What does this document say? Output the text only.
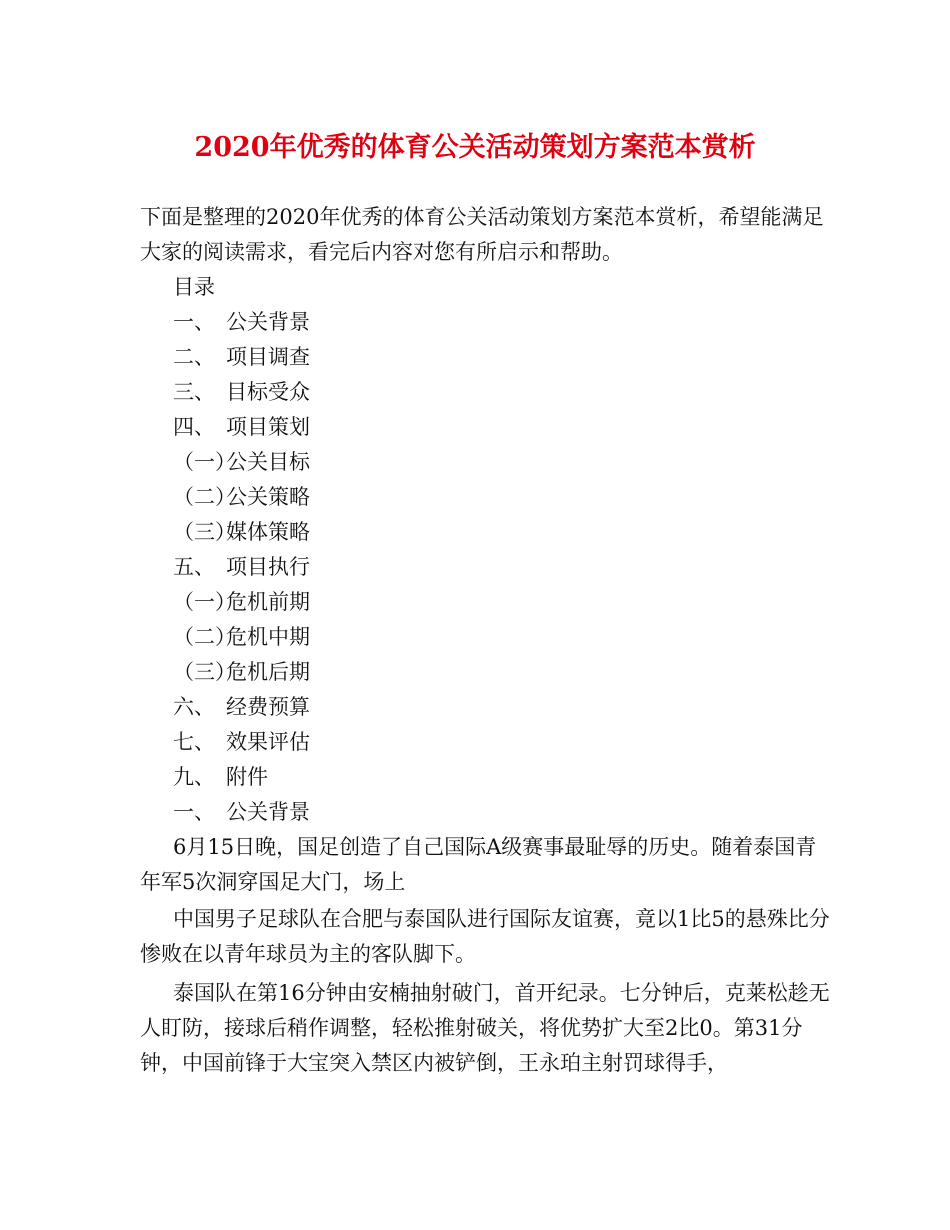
2020年优秀的体育公关活动策划方案范本赏析

下面是整理的2020年优秀的体育公关活动策划方案范本赏析，希望能满足大家的阅读需求，看完后内容对您有所启示和帮助。

目录
一、 公关背景
二、 项目调查
三、 目标受众
四、 项目策划
（一）
公关目标
（二）
公关策略
（三）
媒体策略
五、 项目执行
（一）
危机前期
（二）
危机中期
（三）
危机后期
六、 经费预算
七、 效果评估
九、 附件
一、 公关背景

6月15日晚，国足创造了自己国际A级赛事最耻辱的历史。随着泰国青年军5次洞穿国足大门，场上

中国男子足球队在合肥与泰国队进行国际友谊赛，竟以1比5的悬殊比分惨败在以青年球员为主的客队脚下。

泰国队在第16分钟由安楠抽射破门，首开纪录。七分钟后，克莱松趁无人盯防，接球后稍作调整，轻松推射破关，将优势扩大至2比0。第31分钟，中国前锋于大宝突入禁区内被铲倒，王永珀主射罚球得手，
